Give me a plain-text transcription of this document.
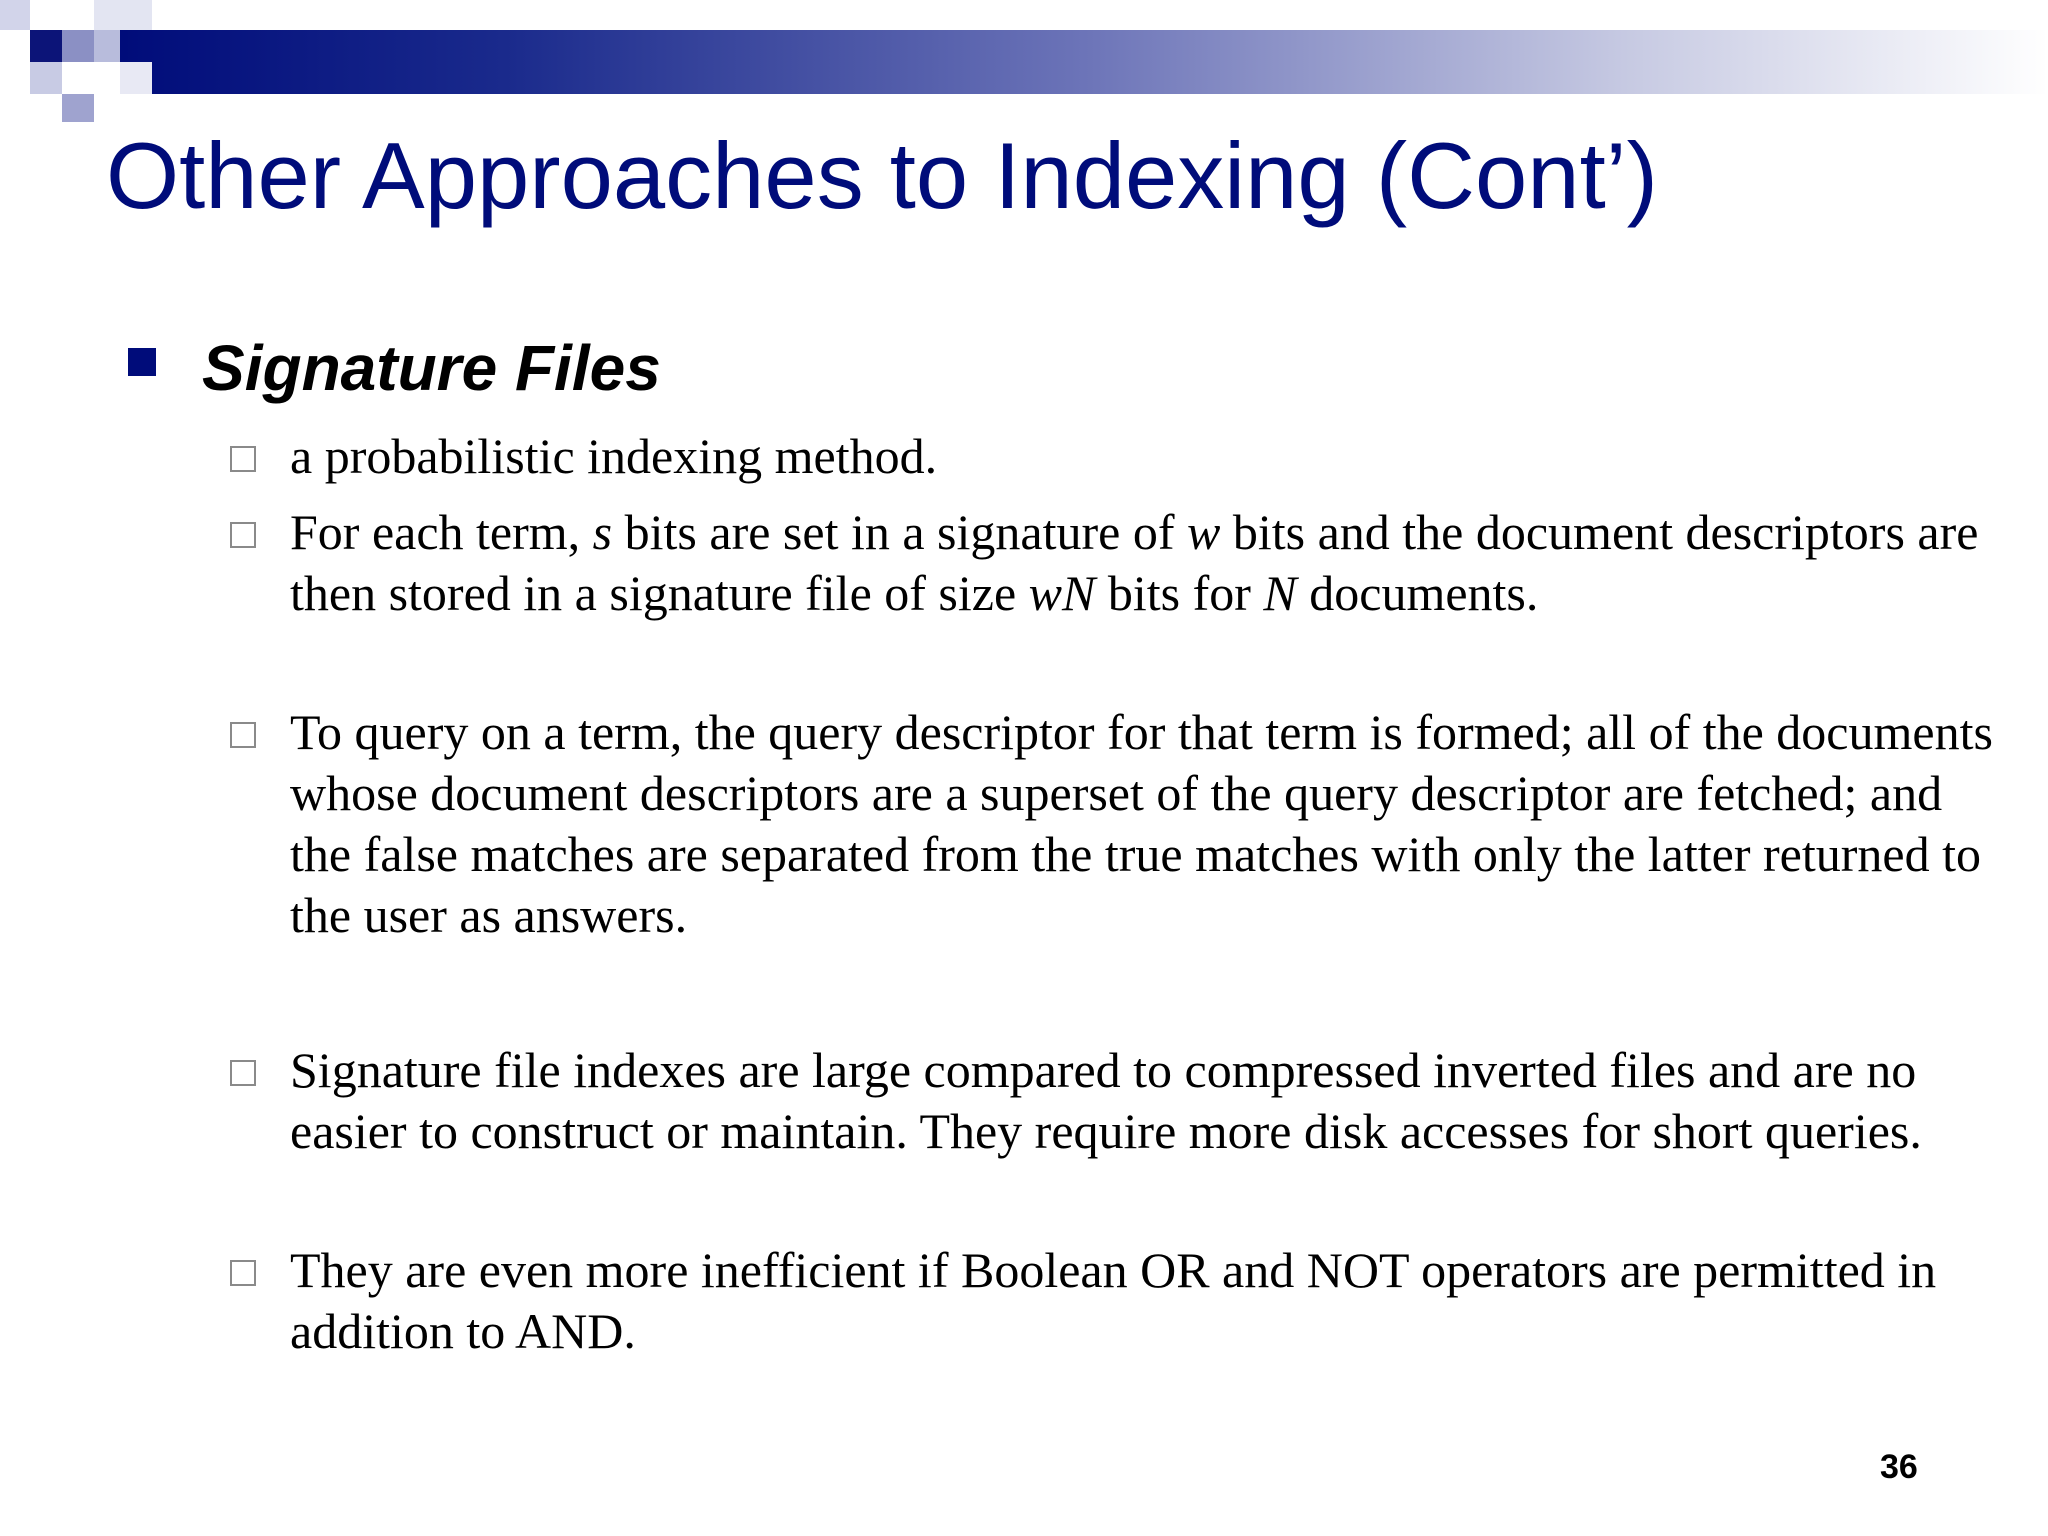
Other Approaches to Indexing (Cont’)
Signature Files

a probabilistic indexing method.

For each term, s bits are set in a signature of w bits and the document descriptors are then stored in a signature file of size wN bits for N documents.

To query on a term, the query descriptor for that term is formed; all of the documents whose document descriptors are a superset of the query descriptor are fetched; and the false matches are separated from the true matches with only the latter returned to the user as answers.

Signature file indexes are large compared to compressed inverted files and are no easier to construct or maintain. They require more disk accesses for short queries.

They are even more inefficient if Boolean OR and NOT operators are permitted in addition to AND.

36
